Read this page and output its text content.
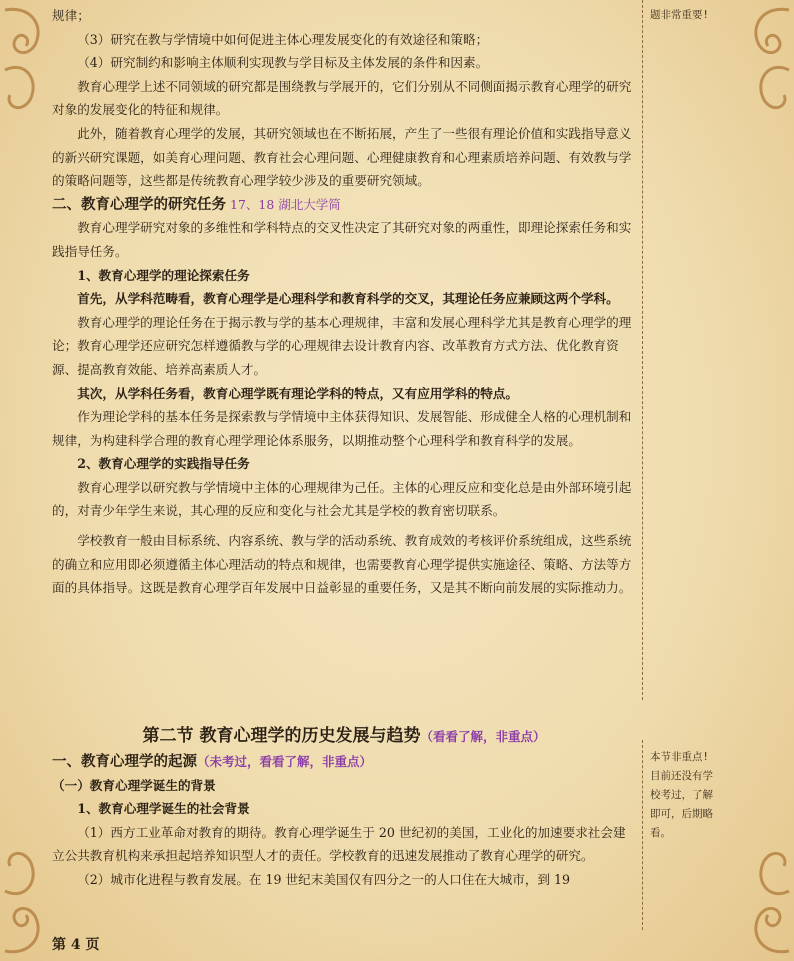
规律；

（3）研究在教与学情境中如何促进主体心理发展变化的有效途径和策略；

（4）研究制约和影响主体顺利实现教与学目标及主体发展的条件和因素。

教育心理学上述不同领域的研究都是围绕教与学展开的，它们分别从不同侧面揭示教育心理学的研究对象的发展变化的特征和规律。

此外，随着教育心理学的发展，其研究领域也在不断拓展，产生了一些很有理论价值和实践指导意义的新兴研究课题，如美育心理问题、教育社会心理问题、心理健康教育和心理素质培养问题、有效教与学的策略问题等，这些都是传统教育心理学较少涉及的重要研究领域。

二、教育心理学的研究任务 17、18 湖北大学简

教育心理学研究对象的多维性和学科特点的交叉性决定了其研究对象的两重性，即理论探索任务和实践指导任务。

1、教育心理学的理论探索任务

首先，从学科范畴看，教育心理学是心理科学和教育科学的交叉，其理论任务应兼顾这两个学科。

教育心理学的理论任务在于揭示教与学的基本心理规律，丰富和发展心理科学尤其是教育心理学的理论；教育心理学还应研究怎样遵循教与学的心理规律去设计教育内容、改革教育方式方法、优化教育资源、提高教育效能、培养高素质人才。

其次，从学科任务看，教育心理学既有理论学科的特点，又有应用学科的特点。

作为理论学科的基本任务是探索教与学情境中主体获得知识、发展智能、形成健全人格的心理机制和规律，为构建科学合理的教育心理学理论体系服务，以期推动整个心理科学和教育科学的发展。

2、教育心理学的实践指导任务

教育心理学以研究教与学情境中主体的心理规律为己任。主体的心理反应和变化总是由外部环境引起的，对青少年学生来说，其心理的反应和变化与社会尤其是学校的教育密切联系。

学校教育一般由目标系统、内容系统、教与学的活动系统、教育成效的考核评价系统组成，这些系统的确立和应用即必须遵循主体心理活动的特点和规律，也需要教育心理学提供实施途径、策略、方法等方面的具体指导。这既是教育心理学百年发展中日益彰显的重要任务，又是其不断向前发展的实际推动力。

第二节 教育心理学的历史发展与趋势（看看了解，非重点）

一、教育心理学的起源（未考过，看看了解，非重点）

（一）教育心理学诞生的背景

1、教育心理学诞生的社会背景

（1）西方工业革命对教育的期待。教育心理学诞生于 20 世纪初的美国，工业化的加速要求社会建立公共教育机构来承担起培养知识型人才的责任。学校教育的迅速发展推动了教育心理学的研究。

（2）城市化进程与教育发展。在 19 世纪末美国仅有四分之一的人口住在大城市，到 19

题非常重要!
本节非重点!
目前还没有学
校考过，了解
即可，后期略
看。
第 4 页
